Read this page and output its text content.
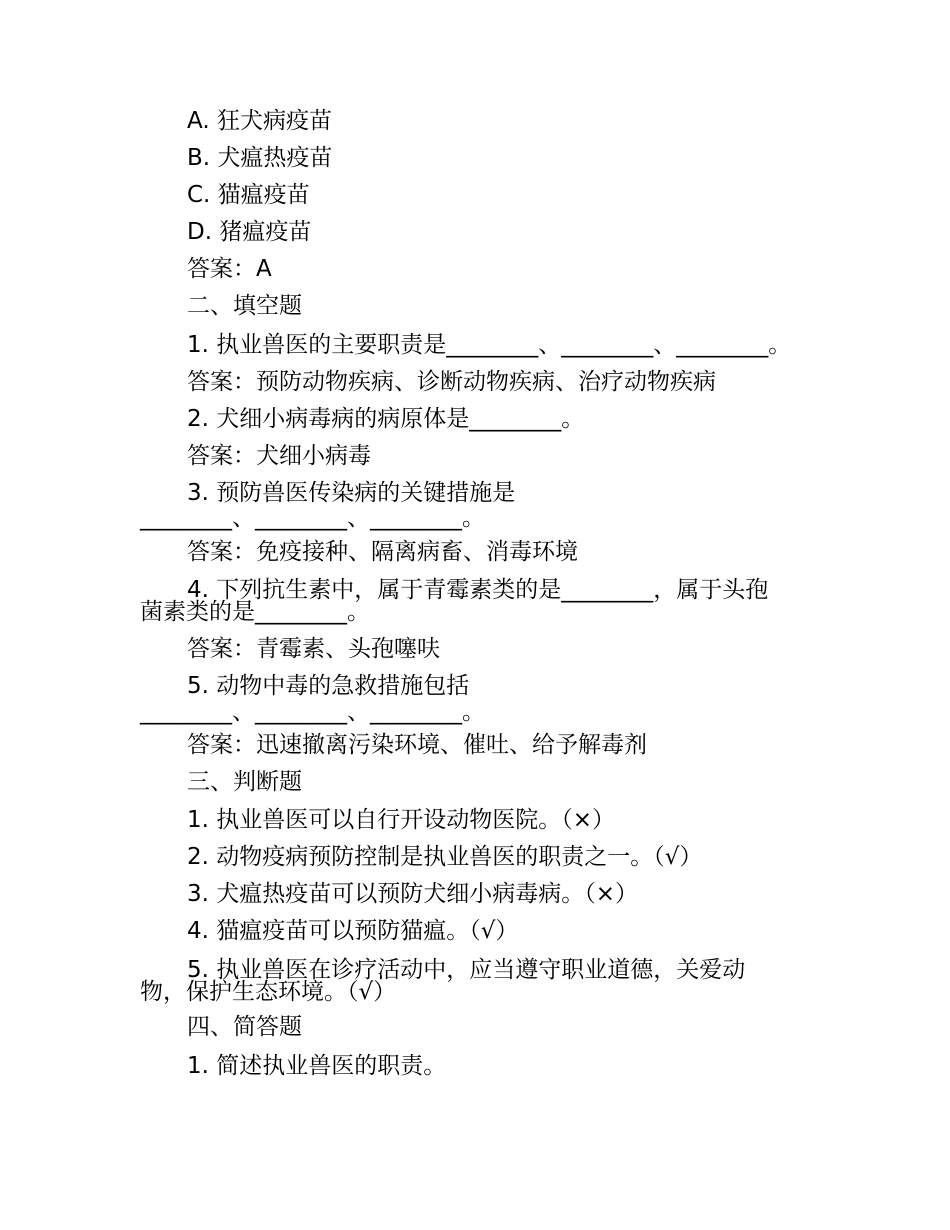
A. 狂犬病疫苗
B. 犬瘟热疫苗
C. 猫瘟疫苗
D. 猪瘟疫苗
答案：A
二、填空题
1. 执业兽医的主要职责是________、________、________。
答案：预防动物疾病、诊断动物疾病、治疗动物疾病
2. 犬细小病毒病的病原体是________。
答案：犬细小病毒
3. 预防兽医传染病的关键措施是
________、________、________。
答案：免疫接种、隔离病畜、消毒环境
4. 下列抗生素中，属于青霉素类的是________，属于头孢
菌素类的是________。
答案：青霉素、头孢噻呋
5. 动物中毒的急救措施包括
________、________、________。
答案：迅速撤离污染环境、催吐、给予解毒剂
三、判断题
1. 执业兽医可以自行开设动物医院。（×）
2. 动物疫病预防控制是执业兽医的职责之一。（√）
3. 犬瘟热疫苗可以预防犬细小病毒病。（×）
4. 猫瘟疫苗可以预防猫瘟。（√）
5. 执业兽医在诊疗活动中，应当遵守职业道德，关爱动
物，保护生态环境。（√）
四、简答题
1. 简述执业兽医的职责。
